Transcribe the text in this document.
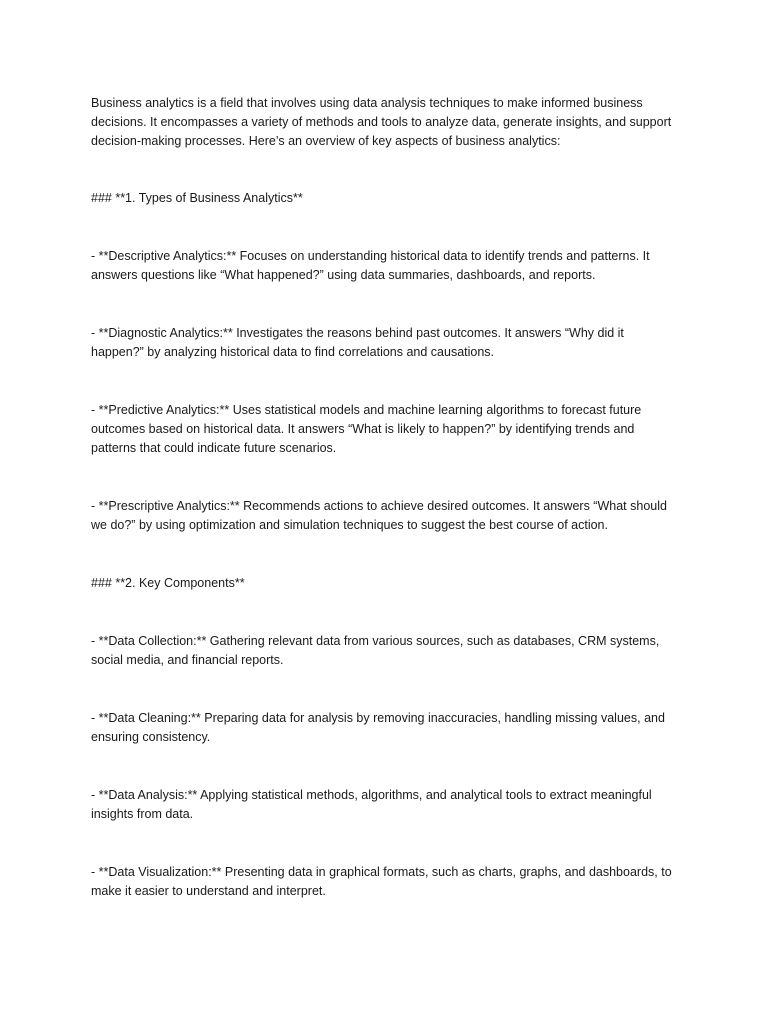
Business analytics is a field that involves using data analysis techniques to make informed business decisions. It encompasses a variety of methods and tools to analyze data, generate insights, and support decision-making processes. Here’s an overview of key aspects of business analytics:

### **1. Types of Business Analytics**

- **Descriptive Analytics:** Focuses on understanding historical data to identify trends and patterns. It answers questions like “What happened?” using data summaries, dashboards, and reports.

- **Diagnostic Analytics:** Investigates the reasons behind past outcomes. It answers “Why did it happen?” by analyzing historical data to find correlations and causations.

- **Predictive Analytics:** Uses statistical models and machine learning algorithms to forecast future outcomes based on historical data. It answers “What is likely to happen?” by identifying trends and patterns that could indicate future scenarios.

- **Prescriptive Analytics:** Recommends actions to achieve desired outcomes. It answers “What should we do?” by using optimization and simulation techniques to suggest the best course of action.

### **2. Key Components**

- **Data Collection:** Gathering relevant data from various sources, such as databases, CRM systems, social media, and financial reports.

- **Data Cleaning:** Preparing data for analysis by removing inaccuracies, handling missing values, and ensuring consistency.

- **Data Analysis:** Applying statistical methods, algorithms, and analytical tools to extract meaningful insights from data.

- **Data Visualization:** Presenting data in graphical formats, such as charts, graphs, and dashboards, to make it easier to understand and interpret.
